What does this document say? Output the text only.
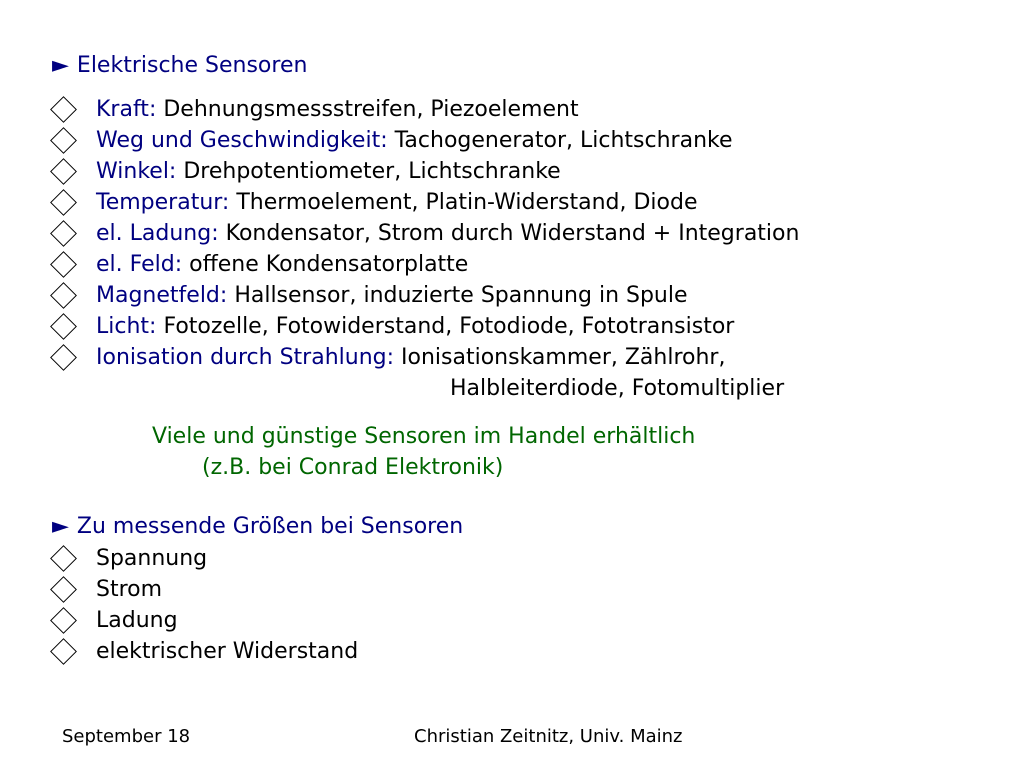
► Elektrische Sensoren
Kraft: Dehnungsmessstreifen, Piezoelement
Weg und Geschwindigkeit: Tachogenerator, Lichtschranke
Winkel: Drehpotentiometer, Lichtschranke
Temperatur: Thermoelement, Platin-Widerstand, Diode
el. Ladung: Kondensator, Strom durch Widerstand + Integration
el. Feld: offene Kondensatorplatte
Magnetfeld: Hallsensor, induzierte Spannung in Spule
Licht: Fotozelle, Fotowiderstand, Fotodiode, Fototransistor
Ionisation durch Strahlung: Ionisationskammer, Zählrohr,
Halbleiterdiode, Fotomultiplier
Viele und günstige Sensoren im Handel erhältlich
(z.B. bei Conrad Elektronik)
► Zu messende Größen bei Sensoren
Spannung
Strom
Ladung
elektrischer Widerstand
September 18	Christian Zeitnitz, Univ. Mainz
